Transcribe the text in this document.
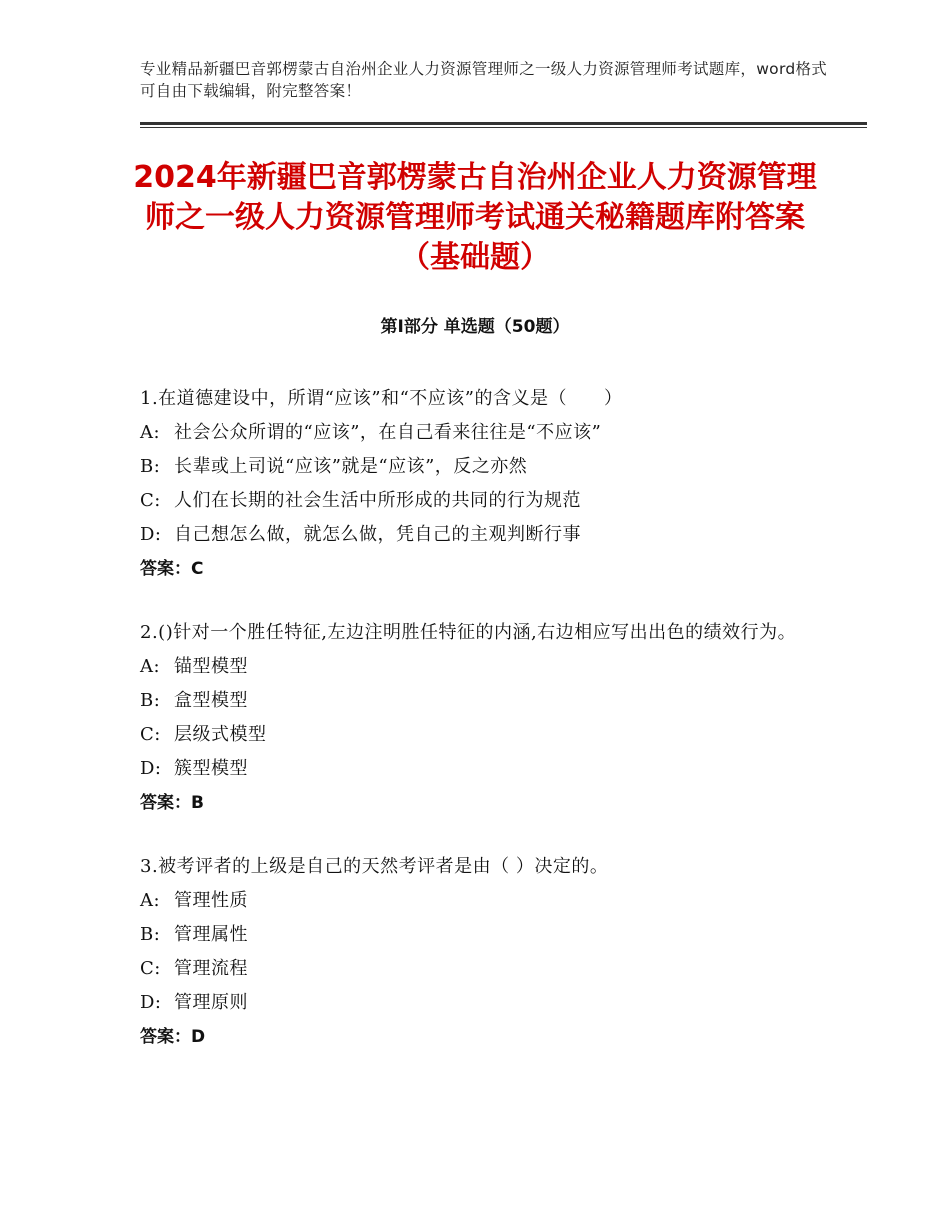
专业精品新疆巴音郭楞蒙古自治州企业人力资源管理师之一级人力资源管理师考试题库，word格式可自由下载编辑，附完整答案！
2024年新疆巴音郭楞蒙古自治州企业人力资源管理师之一级人力资源管理师考试通关秘籍题库附答案（基础题）
第Ⅰ部分 单选题（50题）
1.在道德建设中，所谓“应该”和“不应该”的含义是（　　）
A: 社会公众所谓的“应该”，在自己看来往往是“不应该”
B: 长辈或上司说“应该”就是“应该”，反之亦然
C: 人们在长期的社会生活中所形成的共同的行为规范
D: 自己想怎么做，就怎么做，凭自己的主观判断行事
答案：C
2.()针对一个胜任特征,左边注明胜任特征的内涵,右边相应写出出色的绩效行为。
A: 锚型模型
B: 盒型模型
C: 层级式模型
D: 簇型模型
答案：B
3.被考评者的上级是自己的天然考评者是由（ ）决定的。
A: 管理性质
B: 管理属性
C: 管理流程
D: 管理原则
答案：D
